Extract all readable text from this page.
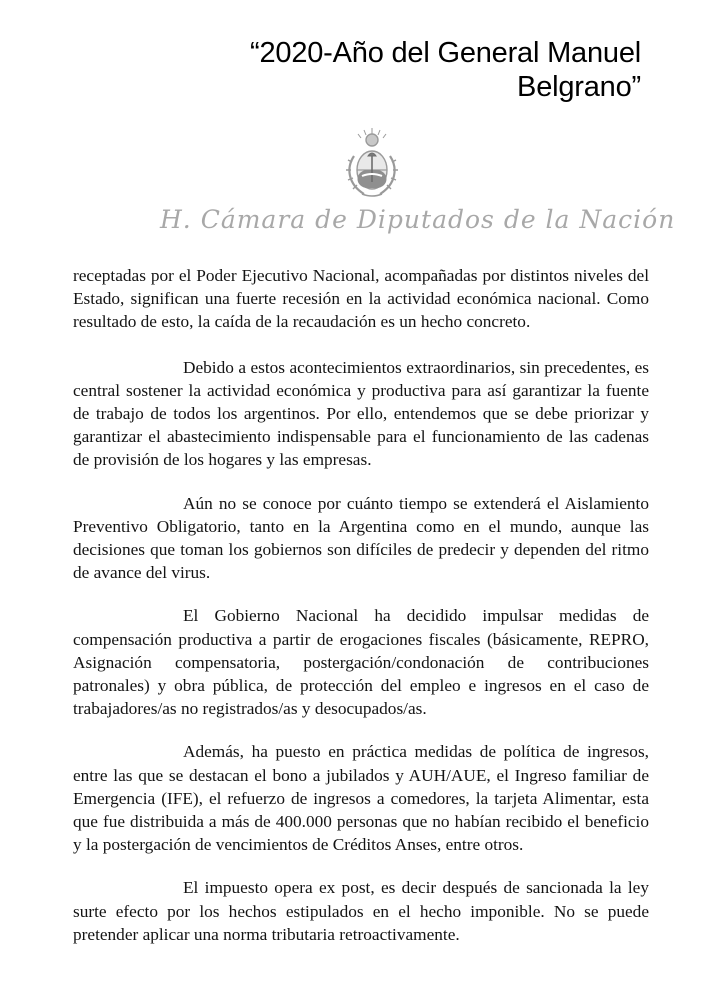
“2020-Año del General Manuel
Belgrano”
H. Cámara de Diputados de la Nación

receptadas por el Poder Ejecutivo Nacional, acompañadas por distintos niveles del Estado, significan una fuerte recesión en la actividad económica nacional. Como resultado de esto, la caída de la recaudación es un hecho concreto.

Debido a estos acontecimientos extraordinarios, sin precedentes, es central sostener la actividad económica y productiva para así garantizar la fuente de trabajo de todos los argentinos. Por ello, entendemos que se debe priorizar y garantizar el abastecimiento indispensable para el funcionamiento de las cadenas de provisión de los hogares y las empresas.

Aún no se conoce por cuánto tiempo se extenderá el Aislamiento Preventivo Obligatorio, tanto en la Argentina como en el mundo, aunque las decisiones que toman los gobiernos son difíciles de predecir y dependen del ritmo de avance del virus.

El Gobierno Nacional ha decidido impulsar medidas de compensación productiva a partir de erogaciones fiscales (básicamente, REPRO, Asignación compensatoria, postergación/condonación de contribuciones patronales) y obra pública, de protección del empleo e ingresos en el caso de trabajadores/as no registrados/as y desocupados/as.

Además, ha puesto en práctica medidas de política de ingresos, entre las que se destacan el bono a jubilados y AUH/AUE, el Ingreso familiar de Emergencia (IFE), el refuerzo de ingresos a comedores, la tarjeta Alimentar, esta que fue distribuida a más de 400.000 personas que no habían recibido el beneficio y la postergación de vencimientos de Créditos Anses, entre otros.

El impuesto opera ex post, es decir después de sancionada la ley surte efecto por los hechos estipulados en el hecho imponible. No se puede pretender aplicar una norma tributaria retroactivamente.
